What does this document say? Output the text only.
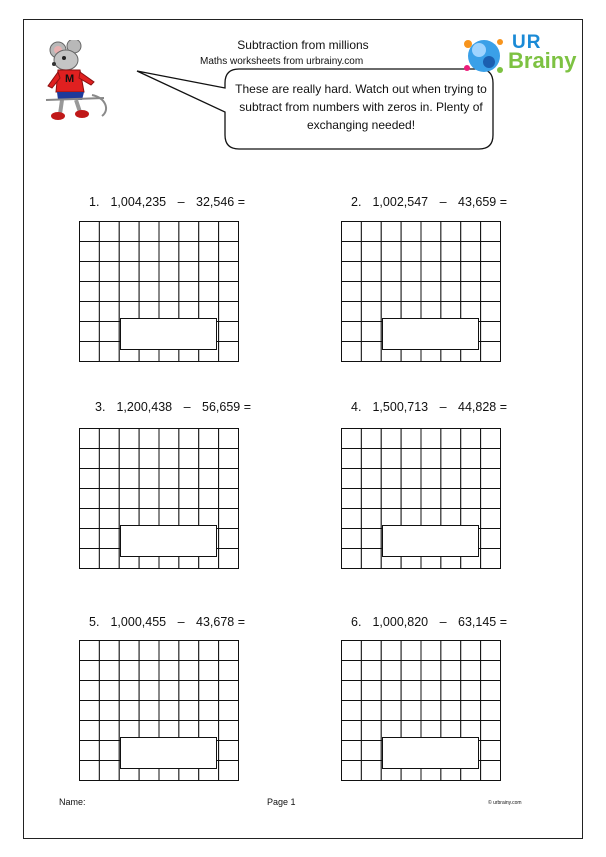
M
Subtraction from millions
Maths worksheets from urbrainy.com
These are really hard. Watch out when trying to subtract from numbers with zeros in. Plenty of exchanging needed!
UR
Brainy
1. 1,004,235 – 32,546 =	2. 1,002,547 – 43,659 =
3. 1,200,438 – 56,659 =	4. 1,500,713 – 44,828 =
5. 1,000,455 – 43,678 =	6. 1,000,820 – 63,145 =
Name:	Page 1	© urbrainy.com
